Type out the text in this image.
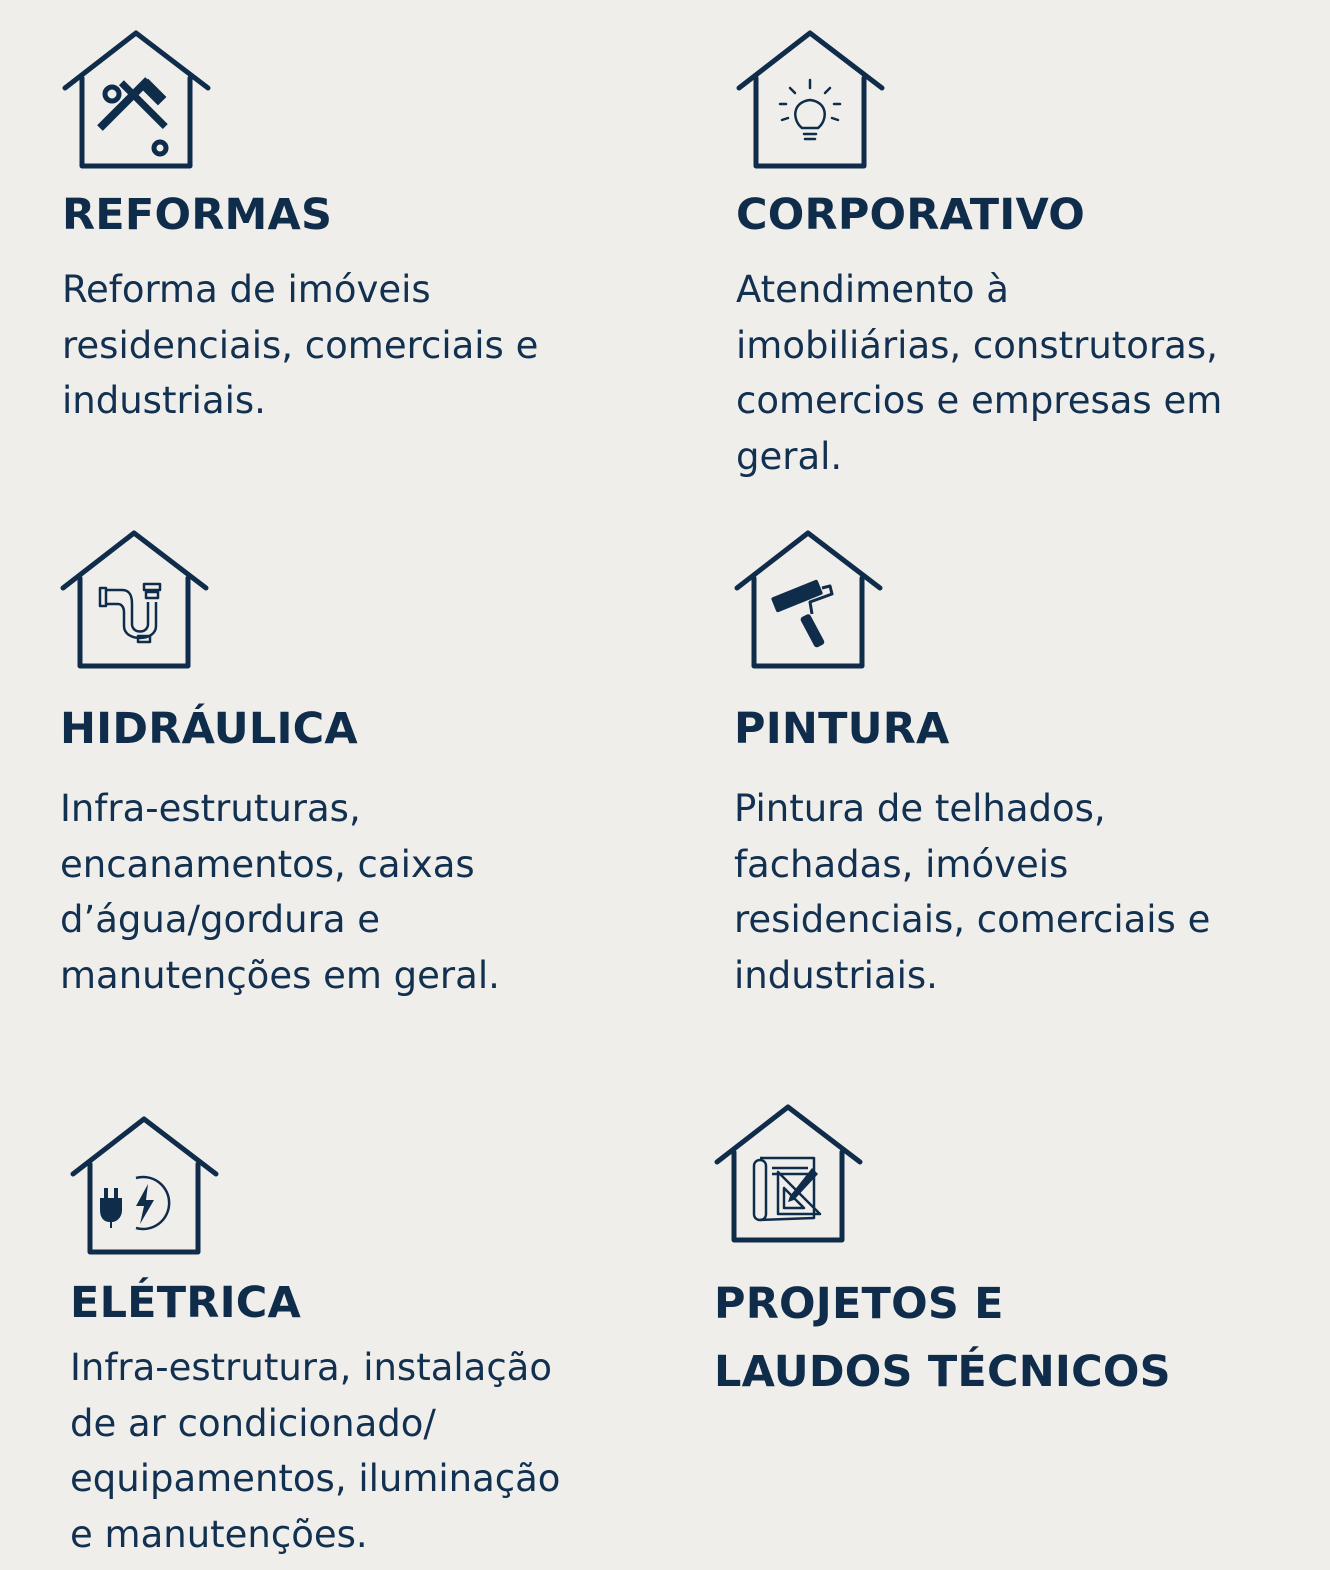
REFORMAS
Reforma de imóveis
residenciais, comerciais e
industriais.
CORPORATIVO
Atendimento à
imobiliárias, construtoras,
comercios e empresas em
geral.
HIDRÁULICA
Infra-estruturas,
encanamentos, caixas
d’água/gordura e
manutenções em geral.
PINTURA
Pintura de telhados,
fachadas, imóveis
residenciais, comerciais e
industriais.
ELÉTRICA
Infra-estrutura, instalação
de ar condicionado/
equipamentos, iluminação
e manutenções.
PROJETOS E
LAUDOS TÉCNICOS
